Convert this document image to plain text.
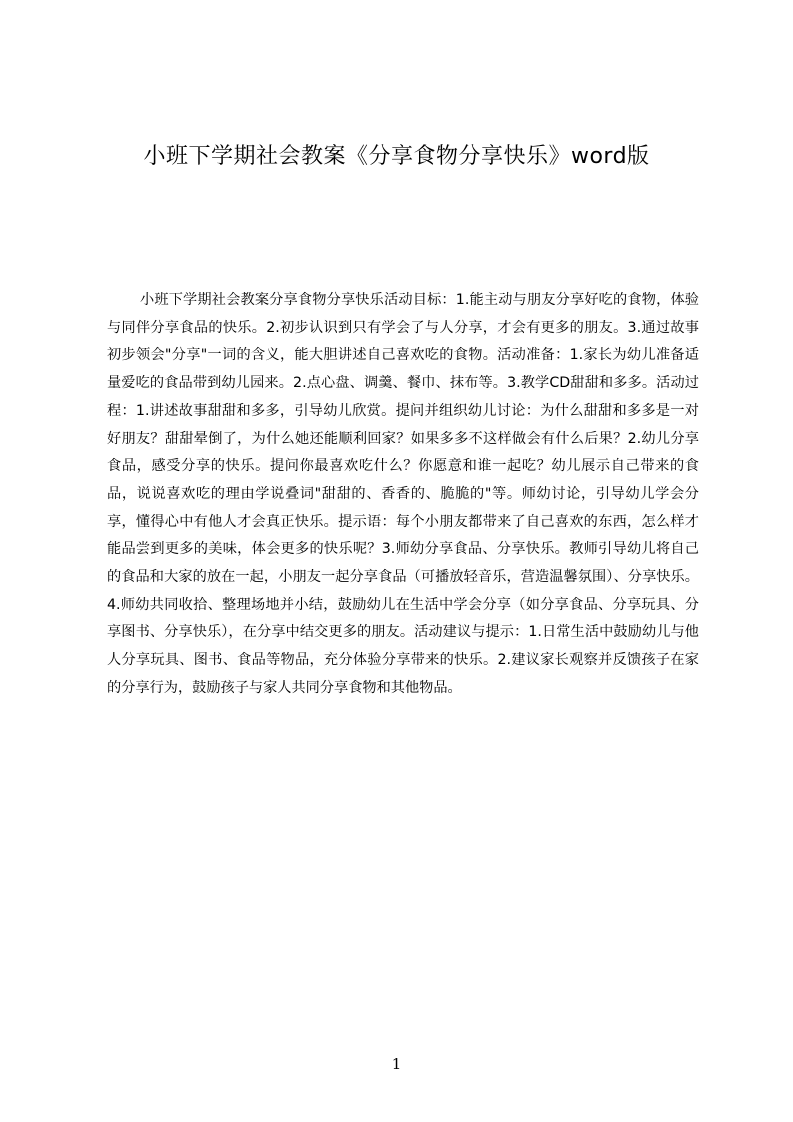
小班下学期社会教案《分享食物分享快乐》word版

小班下学期社会教案分享食物分享快乐活动目标：1.能主动与朋友分享好吃的食物，体验与同伴分享食品的快乐。2.初步认识到只有学会了与人分享，才会有更多的朋友。3.通过故事初步领会"分享"一词的含义，能大胆讲述自己喜欢吃的食物。活动准备：1.家长为幼儿准备适量爱吃的食品带到幼儿园来。2.点心盘、调羹、餐巾、抹布等。3.教学CD甜甜和多多。活动过程：1.讲述故事甜甜和多多，引导幼儿欣赏。提问并组织幼儿讨论：为什么甜甜和多多是一对好朋友？甜甜晕倒了，为什么她还能顺利回家？如果多多不这样做会有什么后果？2.幼儿分享食品，感受分享的快乐。提问你最喜欢吃什么？你愿意和谁一起吃？幼儿展示自己带来的食品，说说喜欢吃的理由学说叠词"甜甜的、香香的、脆脆的"等。师幼讨论，引导幼儿学会分享，懂得心中有他人才会真正快乐。提示语：每个小朋友都带来了自己喜欢的东西，怎么样才能品尝到更多的美味，体会更多的快乐呢？3.师幼分享食品、分享快乐。教师引导幼儿将自己的食品和大家的放在一起，小朋友一起分享食品（可播放轻音乐，营造温馨氛围）、分享快乐。4.师幼共同收拾、整理场地并小结，鼓励幼儿在生活中学会分享（如分享食品、分享玩具、分享图书、分享快乐），在分享中结交更多的朋友。活动建议与提示：1.日常生活中鼓励幼儿与他人分享玩具、图书、食品等物品，充分体验分享带来的快乐。2.建议家长观察并反馈孩子在家的分享行为，鼓励孩子与家人共同分享食物和其他物品。

1
